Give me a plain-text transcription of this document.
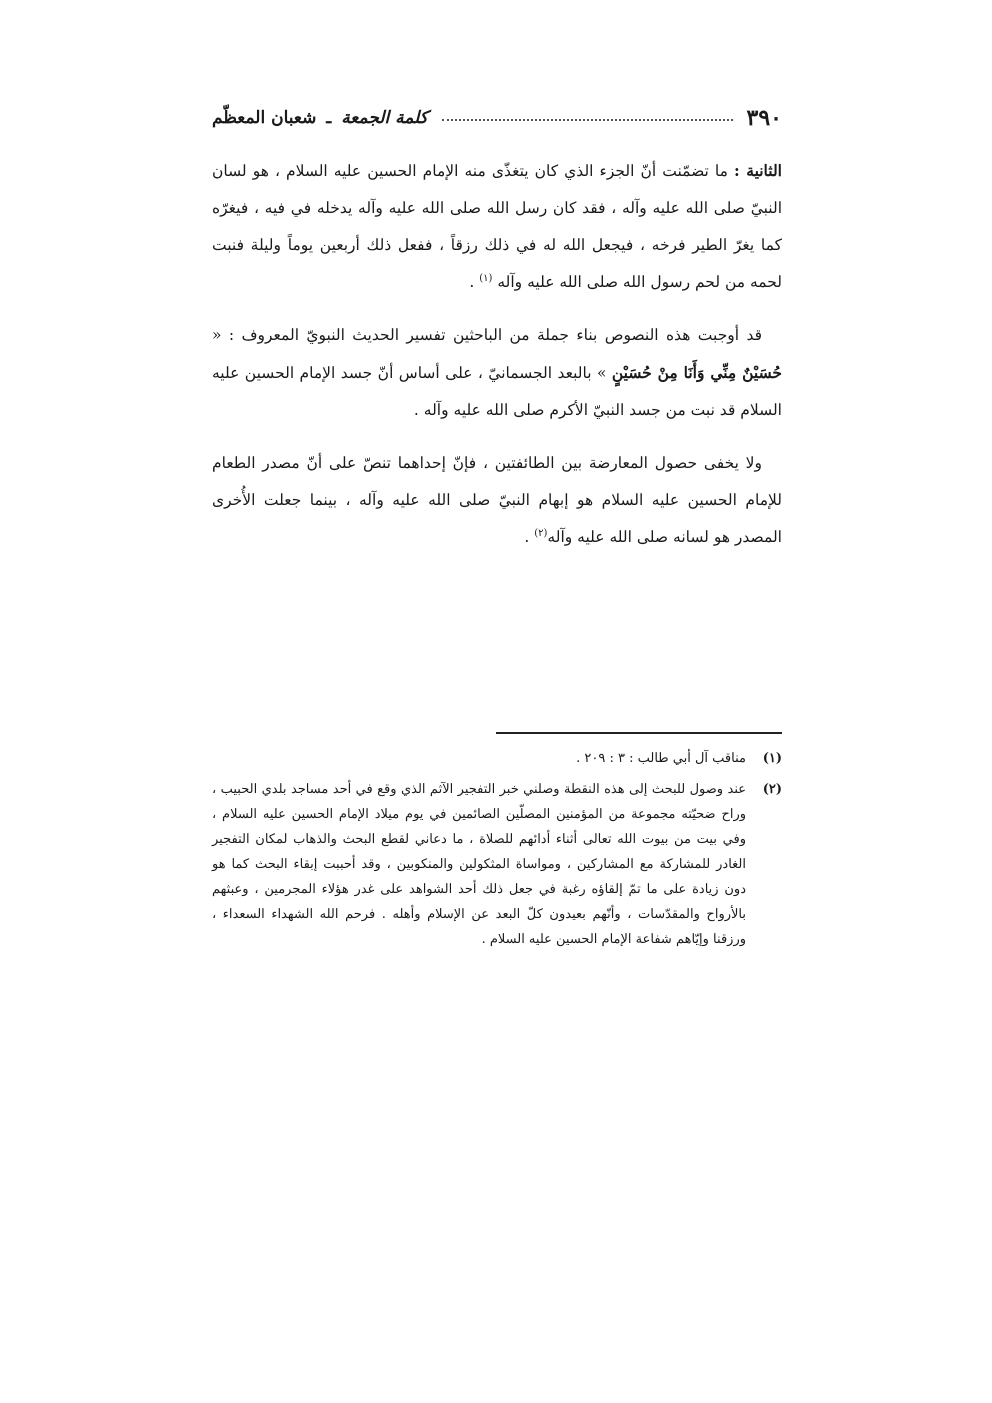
٣٩٠
كلمة الجمعة ـ شعبان المعظّم

الثانية : ما تضمّنت أنّ الجزء الذي كان يتغذّى منه الإمام الحسين عليه السلام ، هو لسان النبيّ صلى الله عليه وآله ، فقد كان رسل الله صلى الله عليه وآله يدخله في فيه ، فيغرّه كما يغرّ الطير فرخه ، فيجعل الله له في ذلك رزقاً ، ففعل ذلك أربعين يوماً وليلة فنبت لحمه من لحم رسول الله صلى الله عليه وآله $^{(١)}$ .

قد أوجبت هذه النصوص بناء جملة من الباحثين تفسير الحديث النبويّ المعروف : « حُسَيْنٌ مِنِّي وَأَنَا مِنْ حُسَيْنٍ » بالبعد الجسمانيّ ، على أساس أنّ جسد الإمام الحسين عليه السلام قد نبت من جسد النبيّ الأكرم صلى الله عليه وآله .

ولا يخفى حصول المعارضة بين الطائفتين ، فإنّ إحداهما تنصّ على أنّ مصدر الطعام للإمام الحسين عليه السلام هو إبهام النبيّ صلى الله عليه وآله ، بينما جعلت الأُخرى المصدر هو لسانه صلى الله عليه وآله$^{(٢)}$ .

(١)
مناقب آل أبي طالب : ٣ : ٢٠٩ .
(٢)
عند وصول للبحث إلى هذه النقطة وصلني خبر التفجير الآثم الذي وقع في أحد مساجد بلدي الحبيب ، وراح ضحيّته مجموعة من المؤمنين المصلّين الصائمين في يوم ميلاد الإمام الحسين عليه السلام ، وفي بيت من بيوت الله تعالى أثناء أدائهم للصلاة ، ما دعاني لقطع البحث والذهاب لمكان التفجير الغادر للمشاركة مع المشاركين ، ومواساة المثكولين والمنكوبين ، وقد أحببت إبقاء البحث كما هو دون زيادة على ما تمّ إلقاؤه رغبة في جعل ذلك أحد الشواهد على غدر هؤلاء المجرمين ، وعبثهم بالأرواح والمقدّسات ، وأنّهم بعيدون كلّ البعد عن الإسلام وأهله . فرحم الله الشهداء السعداء ، ورزقنا وإيّاهم شفاعة الإمام الحسين عليه السلام .
